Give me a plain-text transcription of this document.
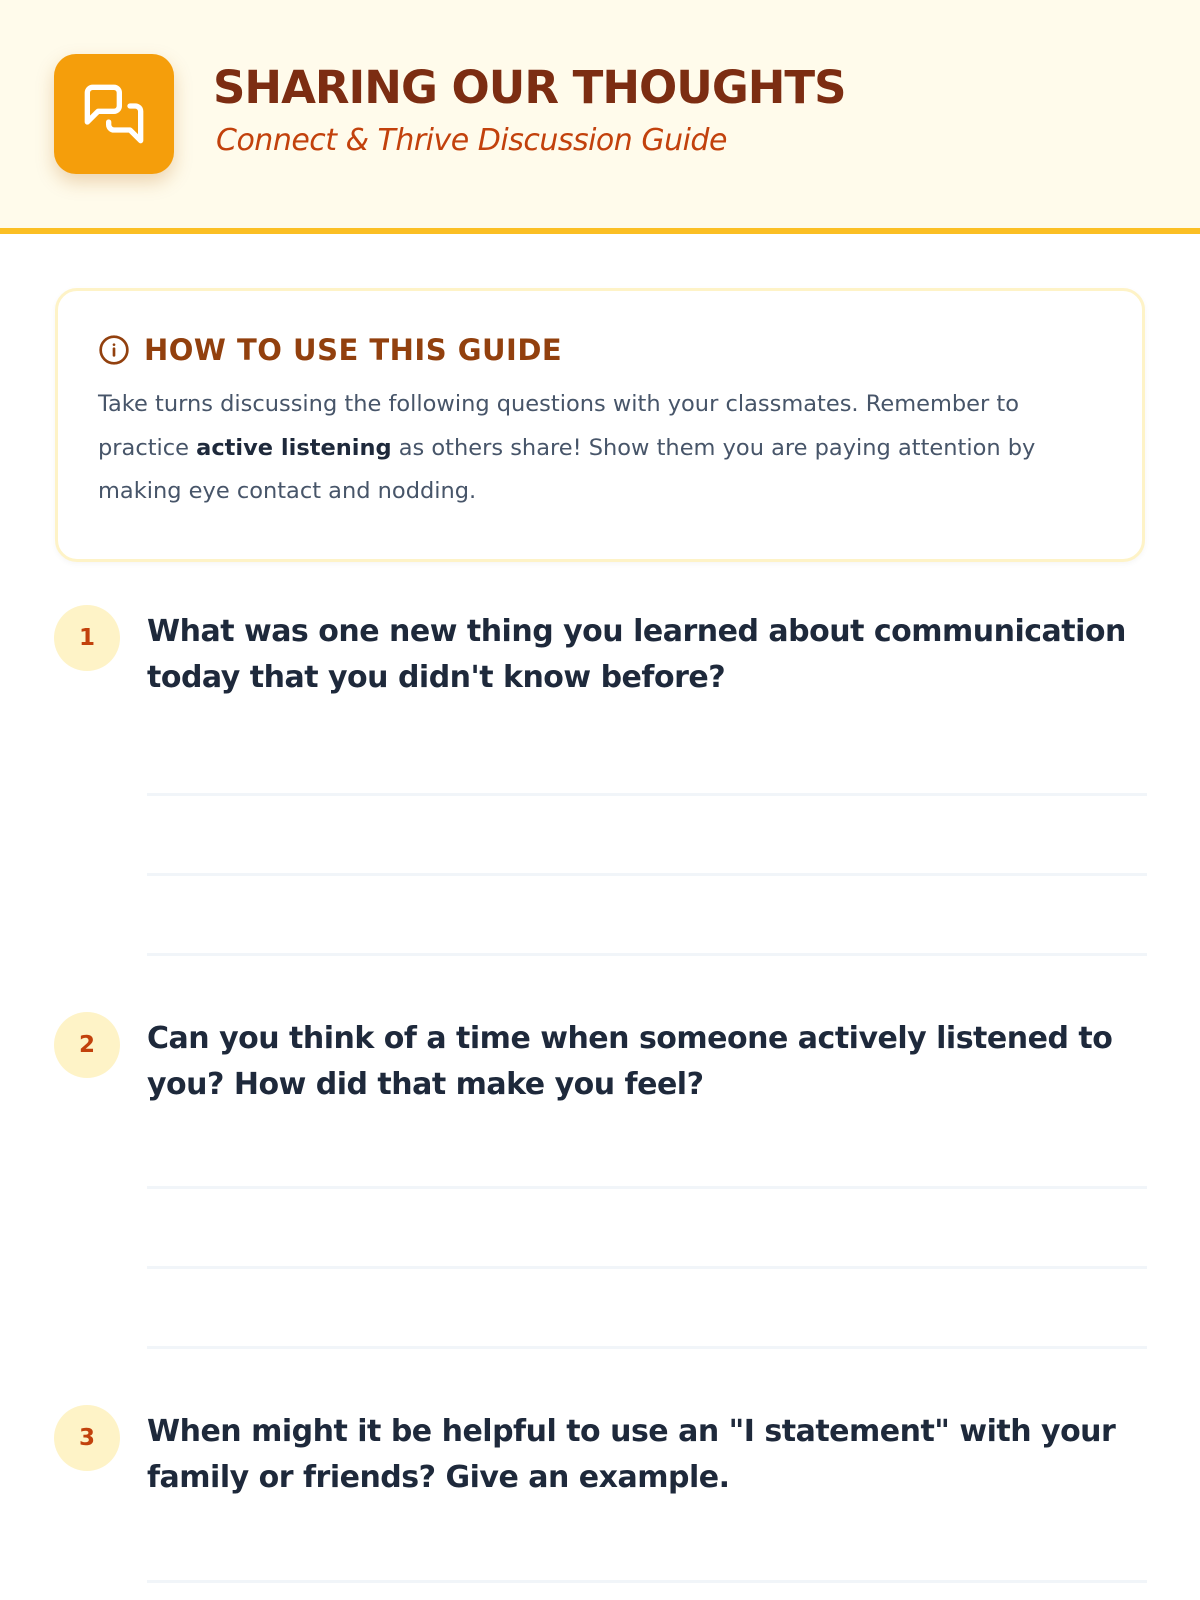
SHARING OUR THOUGHTS
Connect & Thrive Discussion Guide
HOW TO USE THIS GUIDE
Take turns discussing the following questions with your classmates. Remember to practice active listening as others share! Show them you are paying attention by making eye contact and nodding.
1	What was one new thing you learned about communication today that you didn't know before?
2	Can you think of a time when someone actively listened to you? How did that make you feel?
3	When might it be helpful to use an "I statement" with your family or friends? Give an example.
